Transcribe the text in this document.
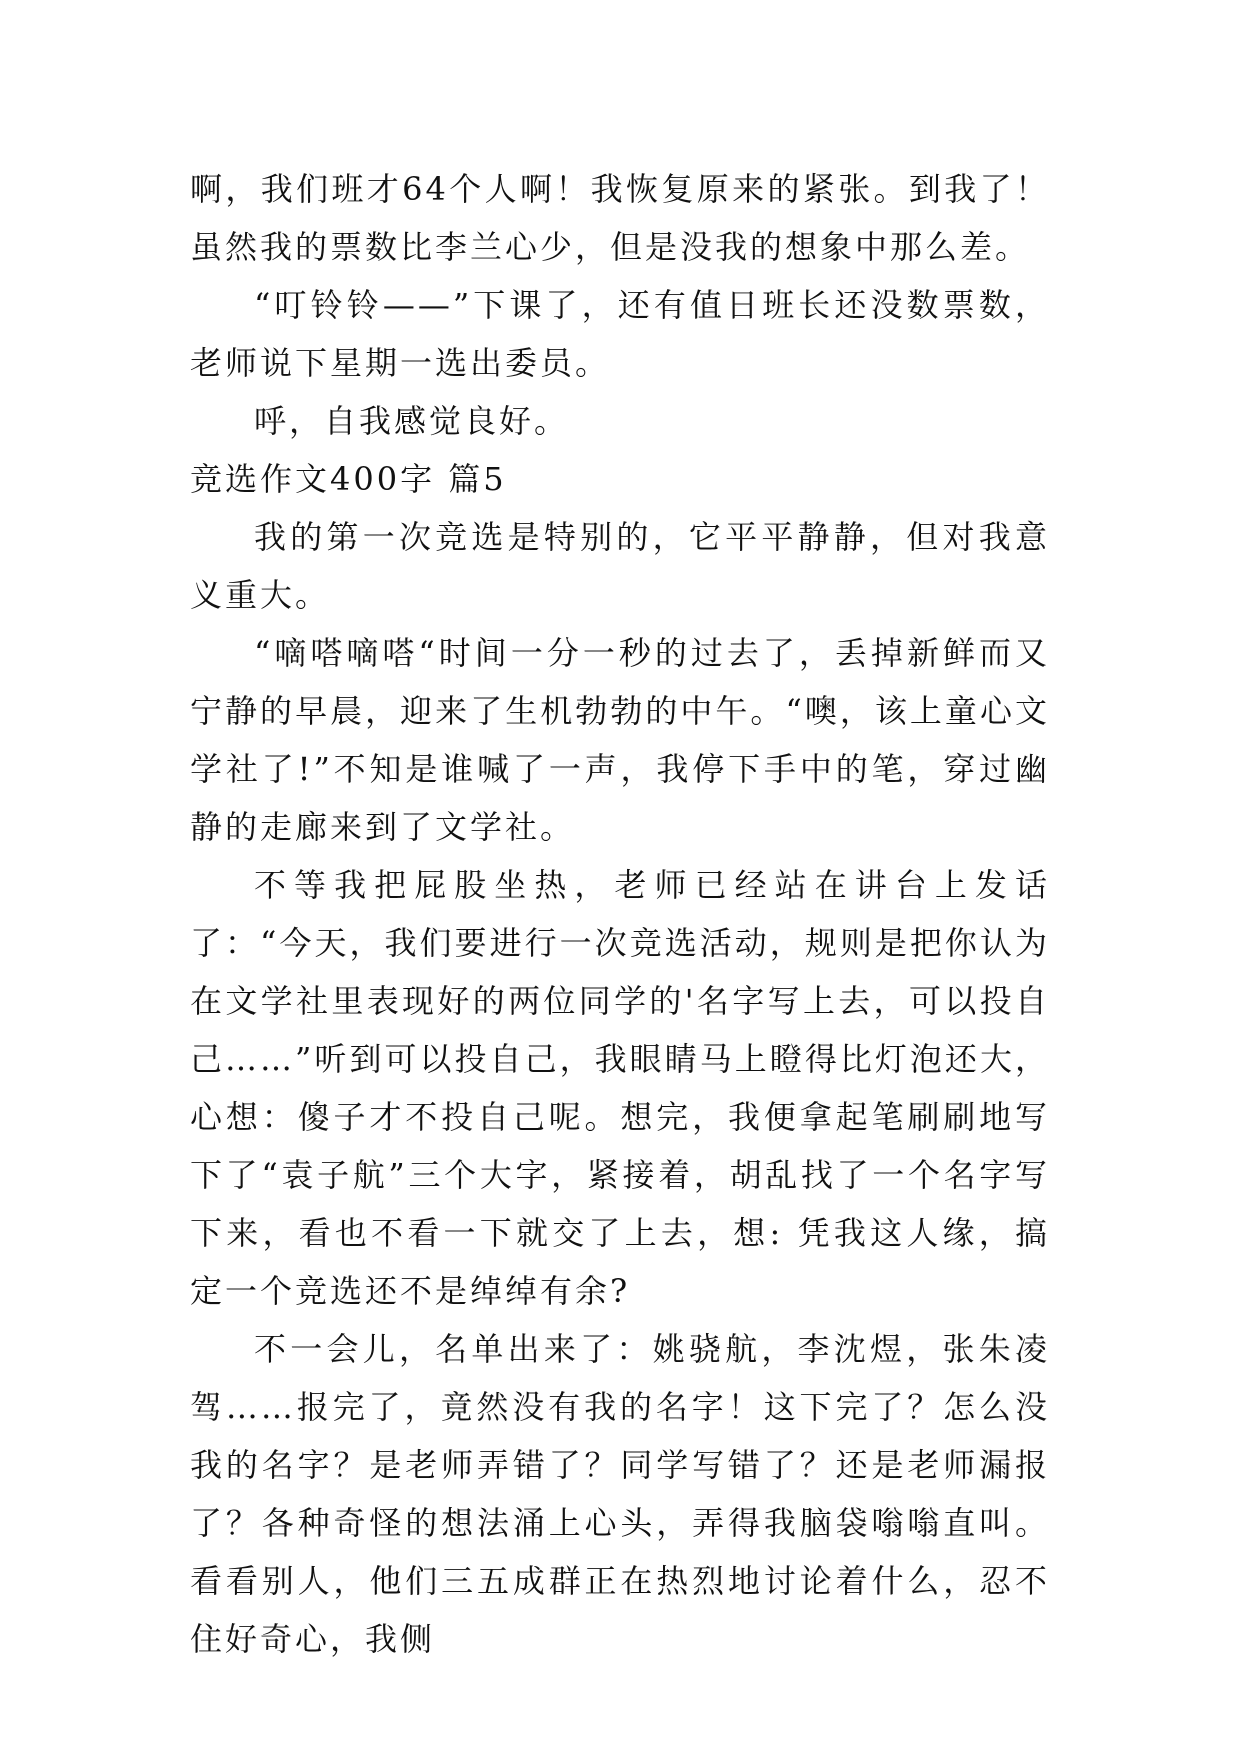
啊，我们班才64个人啊！我恢复原来的紧张。到我了！虽然我的票数比李兰心少，但是没我的想象中那么差。

“叮铃铃——”下课了，还有值日班长还没数票数，老师说下星期一选出委员。

呼，自我感觉良好。

竞选作文400字 篇5

我的第一次竞选是特别的，它平平静静，但对我意义重大。

“嘀嗒嘀嗒“时间一分一秒的过去了，丢掉新鲜而又宁静的早晨，迎来了生机勃勃的中午。“噢，该上童心文学社了!”不知是谁喊了一声，我停下手中的笔，穿过幽静的走廊来到了文学社。

不等我把屁股坐热，老师已经站在讲台上发话了：“今天，我们要进行一次竞选活动，规则是把你认为在文学社里表现好的两位同学的'名字写上去，可以投自己……”听到可以投自己，我眼睛马上瞪得比灯泡还大，心想：傻子才不投自己呢。想完，我便拿起笔刷刷地写下了“袁子航”三个大字，紧接着，胡乱找了一个名字写下来，看也不看一下就交了上去，想: 凭我这人缘，搞定一个竞选还不是绰绰有余?

不一会儿，名单出来了：姚骁航，李沈煜，张朱凌驾……报完了，竟然没有我的名字！这下完了？怎么没我的名字？是老师弄错了？同学写错了？还是老师漏报了？各种奇怪的想法涌上心头，弄得我脑袋嗡嗡直叫。看看别人，他们三五成群正在热烈地讨论着什么，忍不住好奇心，我侧
